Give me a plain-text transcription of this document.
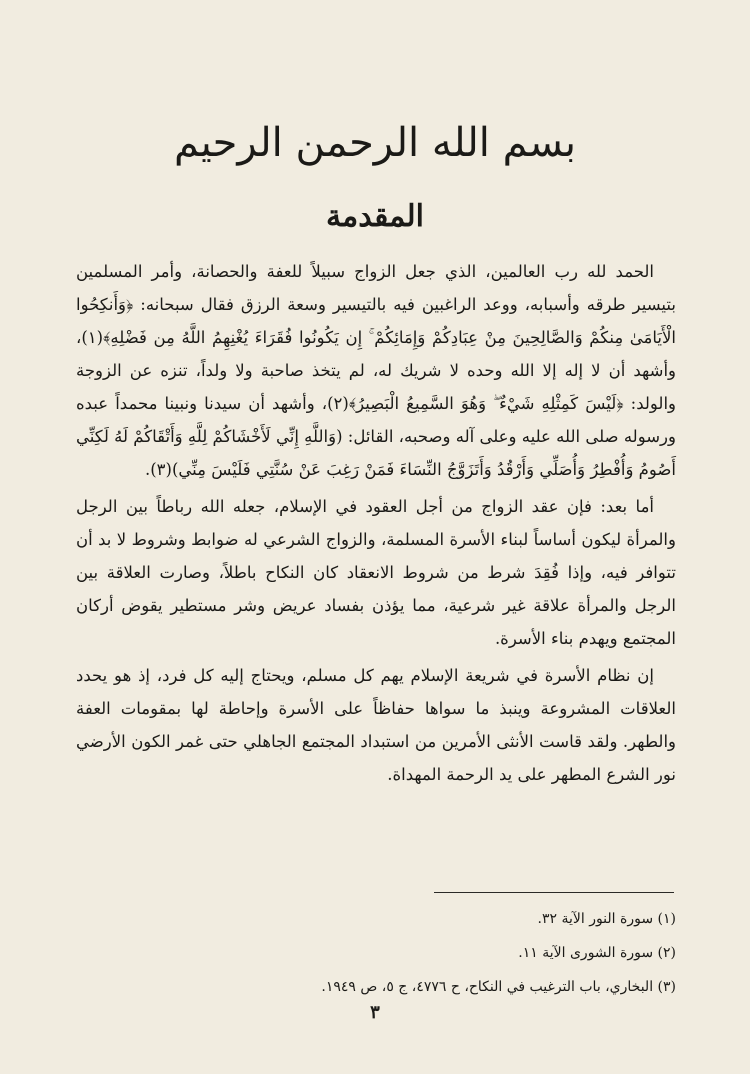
بسم الله الرحمن الرحيم
المقدمة

الحمد لله رب العالمين، الذي جعل الزواج سبيلاً للعفة والحصانة، وأمر المسلمين بتيسير طرقه وأسبابه، ووعد الراغبين فيه بالتيسير وسعة الرزق فقال سبحانه: ﴿وَأَنكِحُوا الْأَيَامَىٰ مِنكُمْ وَالصَّالِحِينَ مِنْ عِبَادِكُمْ وَإِمَائِكُمْ ۚ إِن يَكُونُوا فُقَرَاءَ يُغْنِهِمُ اللَّهُ مِن فَضْلِهِ﴾(١)، وأشهد أن لا إله إلا الله وحده لا شريك له، لم يتخذ صاحبة ولا ولداً، تنزه عن الزوجة والولد: ﴿لَيْسَ كَمِثْلِهِ شَيْءٌ ۖ وَهُوَ السَّمِيعُ الْبَصِيرُ﴾(٢)، وأشهد أن سيدنا ونبينا محمداً عبده ورسوله صلى الله عليه وعلى آله وصحبه، القائل: (وَاللَّهِ إِنِّي لَأَخْشَاكُمْ لِلَّهِ وَأَتْقَاكُمْ لَهُ لَكِنِّي أَصُومُ وَأُفْطِرُ وَأُصَلِّي وَأَرْقُدُ وَأَتَزَوَّجُ النِّسَاءَ فَمَنْ رَغِبَ عَنْ سُنَّتِي فَلَيْسَ مِنِّي)(٣).

أما بعد: فإن عقد الزواج من أجل العقود في الإسلام، جعله الله رباطاً بين الرجل والمرأة ليكون أساساً لبناء الأسرة المسلمة، والزواج الشرعي له ضوابط وشروط لا بد أن تتوافر فيه، وإذا فُقِدَ شرط من شروط الانعقاد كان النكاح باطلاً، وصارت العلاقة بين الرجل والمرأة علاقة غير شرعية، مما يؤذن بفساد عريض وشر مستطير يقوض أركان المجتمع ويهدم بناء الأسرة.

إن نظام الأسرة في شريعة الإسلام يهم كل مسلم، ويحتاج إليه كل فرد، إذ هو يحدد العلاقات المشروعة وينبذ ما سواها حفاظاً على الأسرة وإحاطة لها بمقومات العفة والطهر. ولقد قاست الأنثى الأمرين من استبداد المجتمع الجاهلي حتى غمر الكون الأرضي نور الشرع المطهر على يد الرحمة المهداة.

(١) سورة النور الآية ٣٢.
(٢) سورة الشورى الآية ١١.
(٣) البخاري، باب الترغيب في النكاح، ح ٤٧٧٦، ج ٥، ص ١٩٤٩.
٣
